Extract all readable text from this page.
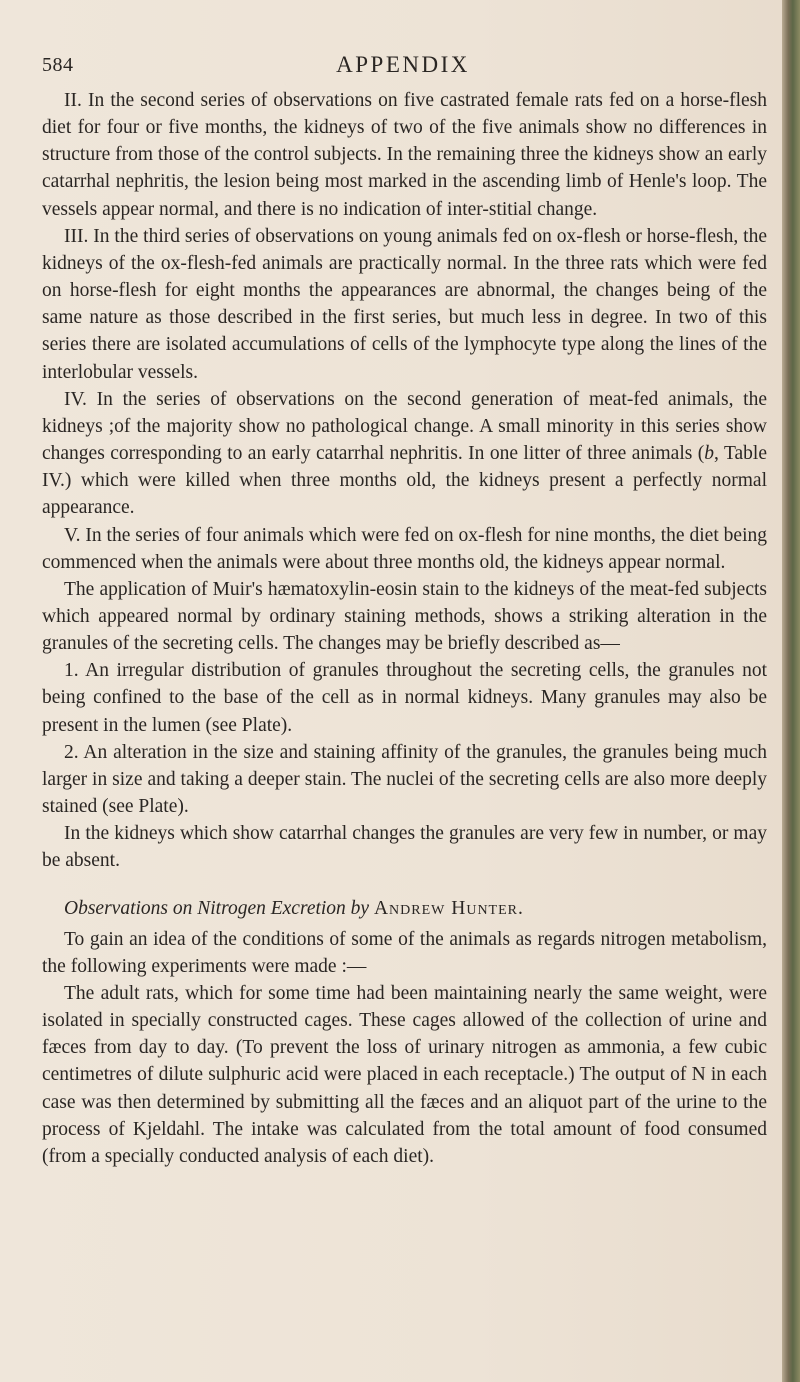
584	APPENDIX

II. In the second series of observations on five castrated female rats fed on a horse-flesh diet for four or five months, the kidneys of two of the five animals show no differences in structure from those of the control subjects. In the remaining three the kidneys show an early catarrhal nephritis, the lesion being most marked in the ascending limb of Henle's loop. The vessels appear normal, and there is no indication of inter-stitial change.

III. In the third series of observations on young animals fed on ox-flesh or horse-flesh, the kidneys of the ox-flesh-fed animals are practically normal. In the three rats which were fed on horse-flesh for eight months the appearances are abnormal, the changes being of the same nature as those described in the first series, but much less in degree. In two of this series there are isolated accumulations of cells of the lymphocyte type along the lines of the interlobular vessels.

IV. In the series of observations on the second generation of meat-fed animals, the kidneys ;of the majority show no pathological change. A small minority in this series show changes corresponding to an early catarrhal nephritis. In one litter of three animals (b, Table IV.) which were killed when three months old, the kidneys present a perfectly normal appearance.

V. In the series of four animals which were fed on ox-flesh for nine months, the diet being commenced when the animals were about three months old, the kidneys appear normal.

The application of Muir's hæmatoxylin-eosin stain to the kidneys of the meat-fed subjects which appeared normal by ordinary staining methods, shows a striking alteration in the granules of the secreting cells. The changes may be briefly described as—

1. An irregular distribution of granules throughout the secreting cells, the granules not being confined to the base of the cell as in normal kidneys. Many granules may also be present in the lumen (see Plate).

2. An alteration in the size and staining affinity of the granules, the granules being much larger in size and taking a deeper stain. The nuclei of the secreting cells are also more deeply stained (see Plate).

In the kidneys which show catarrhal changes the granules are very few in number, or may be absent.

Observations on Nitrogen Excretion by Andrew Hunter.

To gain an idea of the conditions of some of the animals as regards nitrogen metabolism, the following experiments were made :—

The adult rats, which for some time had been maintaining nearly the same weight, were isolated in specially constructed cages. These cages allowed of the collection of urine and fæces from day to day. (To prevent the loss of urinary nitrogen as ammonia, a few cubic centimetres of dilute sulphuric acid were placed in each receptacle.) The output of N in each case was then determined by submitting all the fæces and an aliquot part of the urine to the process of Kjeldahl. The intake was calculated from the total amount of food consumed (from a specially conducted analysis of each diet).
